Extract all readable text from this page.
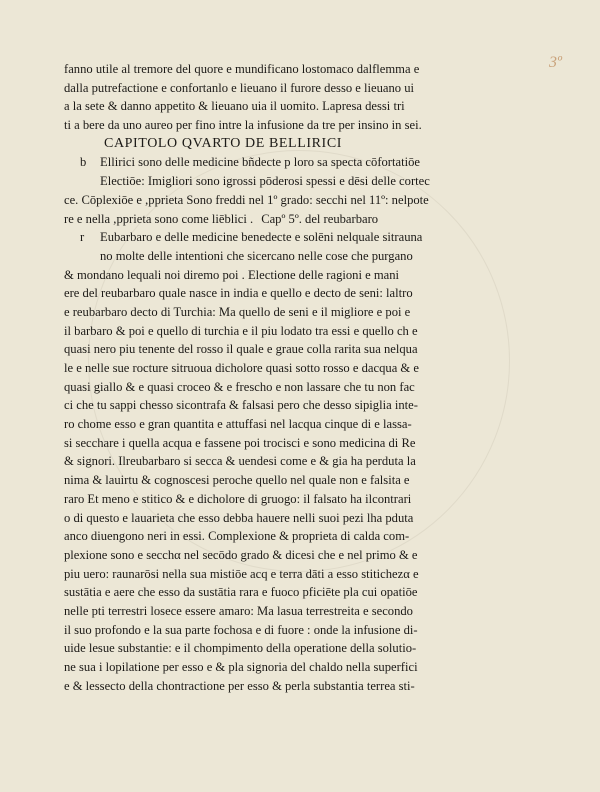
3º
fanno utile al tremore del quore e mundificano lostomaco dalflemma e
dalla putrefactione e confortanlo e lieuano il furore desso e lieuano ui
a la sete & danno appetito & lieuano uia il uomito. Lapresa dessi tri
ti a bere da uno aureo per fino intre la infusione da tre per insino in sei.
CAPITOLO QVARTO DE BELLIRICI
b	Ellirici sono delle medicine bñdecte p loro sa specta cōfortatiōe
Electiōe: Imigliori sono igrossi pōderosi spessi e dēsi delle cortec
ce. Cōplexiōe e ,pprieta Sono freddi nel 1º grado: secchi nel 11º: nelpote
re e nella ,pprieta sono come liēblici . Capº 5º. del reubarbaro
r	Eubarbaro e delle medicine benedecte e solēni nelquale sitrauna
no molte delle intentioni che sicercano nelle cose che purgano
& mondano lequali noi diremo poi . Electione delle ragioni e mani
ere del reubarbaro quale nasce in india e quello e decto de seni: laltro
e reubarbaro decto di Turchia: Ma quello de seni e il migliore e poi e
il barbaro & poi e quello di turchia e il piu lodato tra essi e quello ch e
quasi nero piu tenente del rosso il quale e graue colla rarita sua nelqua
le e nelle sue rocture sitruoua dicholore quasi sotto rosso e dacqua & e
quasi giallo & e quasi croceo & e freschο e non lassare che tu non fac
ci che tu sappi chesso sicontrafa & falsasi pero che desso sipiglia inte-
ro chome esso e gran quantita e attuffasi nel lacqua cinque di e lassa-
si secchare i quella acqua e fassene poi trocisci e sono medicina di Re
& signori. Ilreubarbaro si secca & uendesi come e & gia ha perduta la
nima & lauirtu & cognoscesi peroche quello nel quale non e falsita e
raro Et meno e stitico & e dicholore di gruogo: il falsato ha ilcontrari
o di questo e lauarieta che esso debba hauere nelli suoi pezi lha pduta
anco diuengono neri in essi. Complexione & proprieta di calda com-
plexione sono e secchα nel secōdo grado & dicesi che e nel primo & e
piu uero: raunarōsi nella sua mistiōe acq e terra dāti a esso stitichezα e
sustātia e aere che esso da sustātia rara e fuoco pficiēte pla cui opatiōe
nelle pti terrestri losece essere amaro: Ma lasua terrestreita e secondo
il suo profondo e la sua parte fochosa e di fuore : onde la infusione di-
uide lesue substantie: e il chompimento della operatione della solutio-
ne sua i lopilatione per esso e & pla signoria del chaldo nella superfici
e & lessecto della chontractione per esso & perla substantia terrea sti-
